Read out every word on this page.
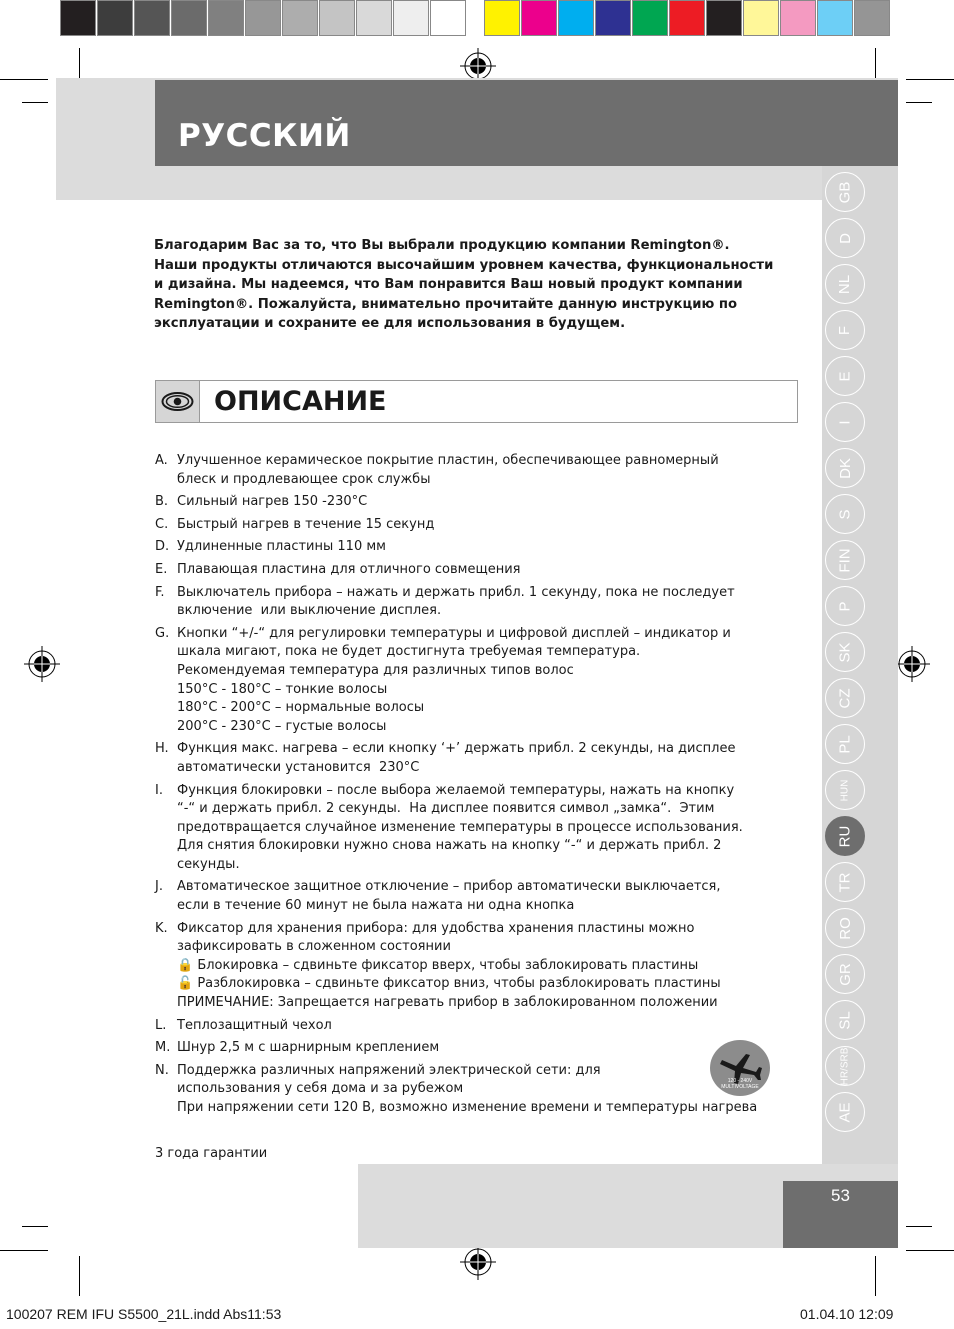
РУССКИЙ
GB
D
NL
F
E
I
DK
S
FIN
P
SK
CZ
PL
HUN
RU
TR
RO
GR
SL
HR/SRB
AE
Благодарим Вас за то, что Вы выбрали продукцию компании Remington®. Наши продукты отличаются высочайшим уровнем качества, функциональности и дизайна. Мы надеемся, что Вам понравится Ваш новый продукт компании Remington®. Пожалуйста, внимательно прочитайте данную инструкцию по эксплуатации и сохраните ее для использования в будущем.
ОПИСАНИЕ
A. Улучшенное керамическое покрытие пластин, обеспечивающее равномерный
блеск и продлевающее срок службы
B. Сильный нагрев 150 -230°C
C. Быстрый нагрев в течение 15 секунд
D. Удлиненные пластины 110 мм
E. Плавающая пластина для отличного совмещения
F. Выключатель прибора – нажать и держать прибл. 1 секунду, пока не последует
включение  или выключение дисплея.
G. Кнопки “+/-“ для регулировки температуры и цифровой дисплей – индикатор и
шкала мигают, пока не будет достигнута требуемая температура.
Рекомендуемая температура для различных типов волос
150°C - 180°C – тонкие волосы
180°C - 200°C – нормальные волосы
200°C - 230°C – густые волосы
H. Функция макс. нагрева – если кнопку ‘+’ держать прибл. 2 секунды, на дисплее
автоматически установится  230°C
I.	Функция блокировки – после выбора желаемой температуры, нажать на кнопку
“-“ и держать прибл. 2 секунды.  На дисплее появится символ „замка“.  Этим
предотвращается случайное изменение температуры в процессе использования.
Для снятия блокировки нужно снова нажать на кнопку “-“ и держать прибл. 2
секунды.
J.	Автоматическое защитное отключение – прибор автоматически выключается,
если в течение 60 минут не была нажата ни одна кнопка
K. Фиксатор для хранения прибора: для удобства хранения пластины можно
зафиксировать в сложенном состоянии
🔒 Блокировка – сдвиньте фиксатор вверх, чтобы заблокировать пластины
🔓 Разблокировка – сдвиньте фиксатор вниз, чтобы разблокировать пластины
ПРИМЕЧАНИЕ: Запрещается нагревать прибор в заблокированном положении
L. Теплозащитный чехол
M. Шнур 2,5 м с шарнирным креплением
N. Поддержка различных напряжений электрической сети: для
использования у себя дома и за рубежом
При напряжении сети 120 В, возможно изменение времени и температуры нагрева
120 - 240V MULTIVOLTAGE
3 года гарантии
53
100207 REM IFU S5500_21L.indd Abs11:53	01.04.10 12:09
